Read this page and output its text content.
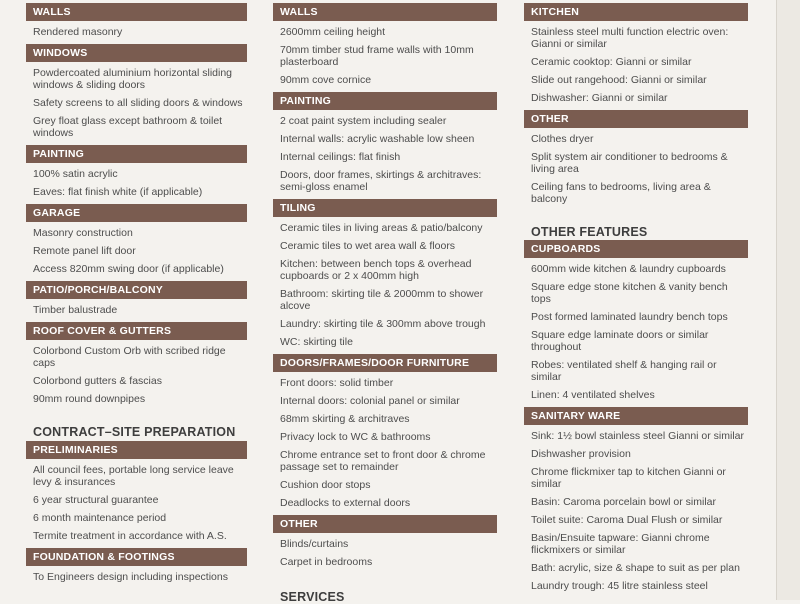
WALLS
Rendered masonry
WINDOWS
Powdercoated aluminium horizontal sliding windows & sliding doors
Safety screens to all sliding doors & windows
Grey float glass except bathroom & toilet windows
PAINTING
100% satin acrylic
Eaves: flat finish white (if applicable)
GARAGE
Masonry construction
Remote panel lift door
Access 820mm swing door (if applicable)
PATIO/PORCH/BALCONY
Timber balustrade
ROOF COVER & GUTTERS
Colorbond Custom Orb with scribed ridge caps
Colorbond gutters & fascias
90mm round downpipes
CONTRACT–SITE PREPARATION
PRELIMINARIES
All council fees, portable long service leave levy & insurances
6 year structural guarantee
6 month maintenance period
Termite treatment in accordance with A.S.
FOUNDATION & FOOTINGS
To Engineers design including inspections
WALLS
2600mm ceiling height
70mm timber stud frame walls with 10mm plasterboard
90mm cove cornice
PAINTING
2 coat paint system including sealer
Internal walls: acrylic washable low sheen
Internal ceilings: flat finish
Doors, door frames, skirtings & architraves: semi-gloss enamel
TILING
Ceramic tiles in living areas & patio/balcony
Ceramic tiles to wet area wall & floors
Kitchen: between bench tops & overhead cupboards or 2 x 400mm high
Bathroom: skirting tile & 2000mm to shower alcove
Laundry: skirting tile & 300mm above trough
WC: skirting tile
DOORS/FRAMES/DOOR FURNITURE
Front doors: solid timber
Internal doors: colonial panel or similar
68mm skirting & architraves
Privacy lock to WC & bathrooms
Chrome entrance set to front door & chrome passage set to remainder
Cushion door stops
Deadlocks to external doors
OTHER
Blinds/curtains
Carpet in bedrooms
SERVICES
KITCHEN
Stainless steel multi function electric oven: Gianni or similar
Ceramic cooktop: Gianni or similar
Slide out rangehood: Gianni or similar
Dishwasher: Gianni or similar
OTHER
Clothes dryer
Split system air conditioner to bedrooms & living area
Ceiling fans to bedrooms, living area & balcony
OTHER FEATURES
CUPBOARDS
600mm wide kitchen & laundry cupboards
Square edge stone kitchen & vanity bench tops
Post formed laminated laundry bench tops
Square edge laminate doors or similar throughout
Robes: ventilated shelf & hanging rail or similar
Linen: 4 ventilated shelves
SANITARY WARE
Sink: 1½ bowl stainless steel Gianni or similar
Dishwasher provision
Chrome flickmixer tap to kitchen Gianni or similar
Basin: Caroma porcelain bowl or similar
Toilet suite: Caroma Dual Flush or similar
Basin/Ensuite tapware: Gianni chrome flickmixers or similar
Bath: acrylic, size & shape to suit as per plan
Laundry trough: 45 litre stainless steel
